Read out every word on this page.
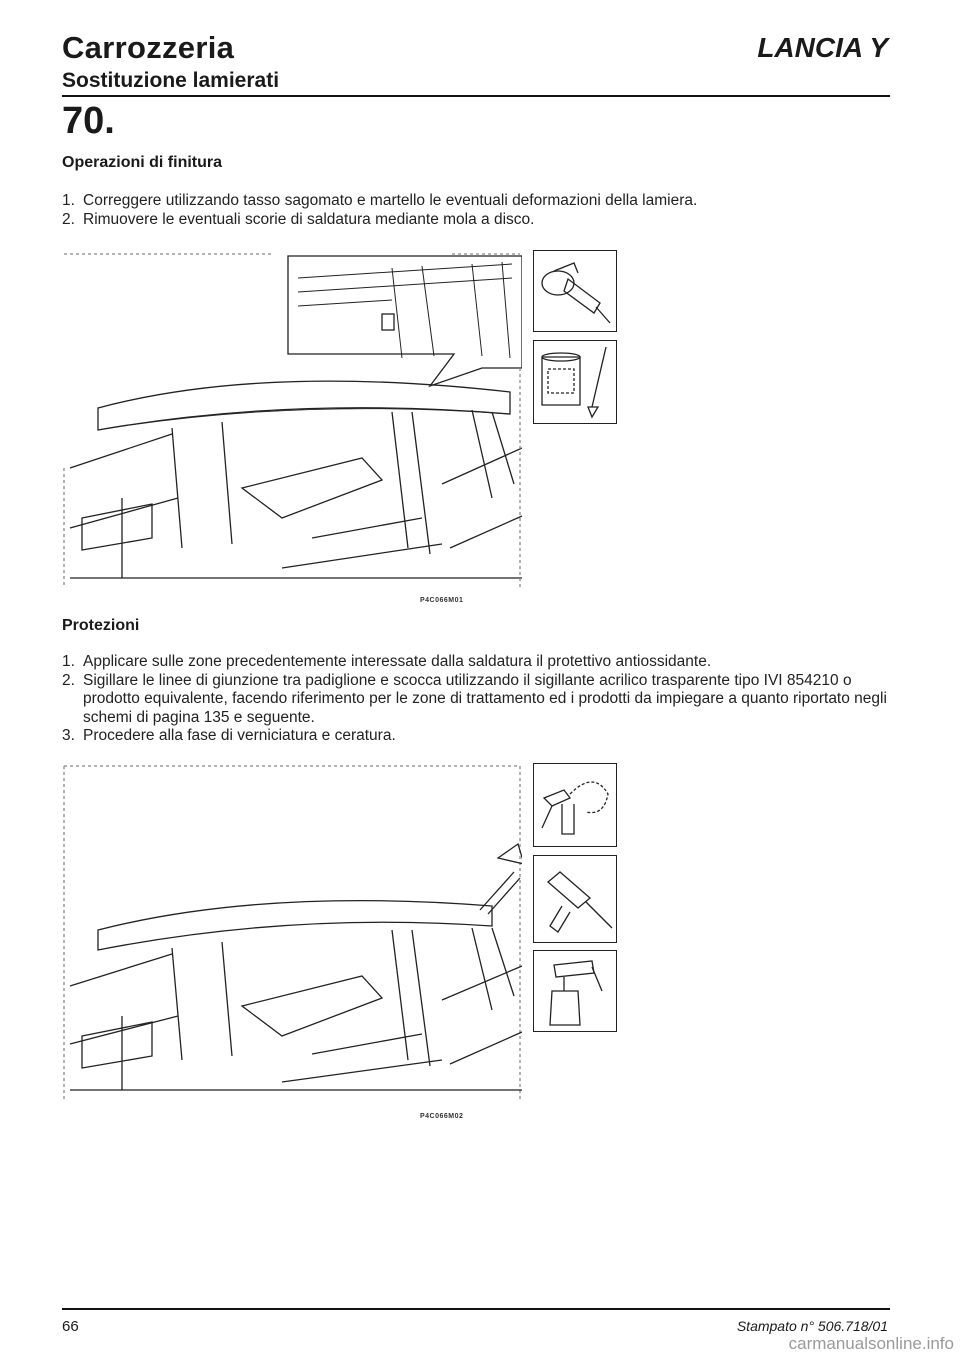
Carrozzeria	LANCIA Y
Sostituzione lamierati
70.
Operazioni di finitura
1. Correggere utilizzando tasso sagomato e martello le eventuali deformazioni della lamiera.
2. Rimuovere le eventuali scorie di saldatura mediante mola a disco.
P4C066M01
Protezioni
1. Applicare sulle zone precedentemente interessate dalla saldatura il protettivo antiossidante.
2. Sigillare le linee di giunzione tra padiglione e scocca utilizzando il sigillante acrilico trasparente tipo IVI 854210 o prodotto equivalente, facendo riferimento per le zone di trattamento ed i prodotti da impiegare a quanto riportato negli schemi di pagina 135 e seguente.
3. Procedere alla fase di verniciatura e ceratura.
P4C066M02
66	Stampato n° 506.718/01
carmanualsonline.info
